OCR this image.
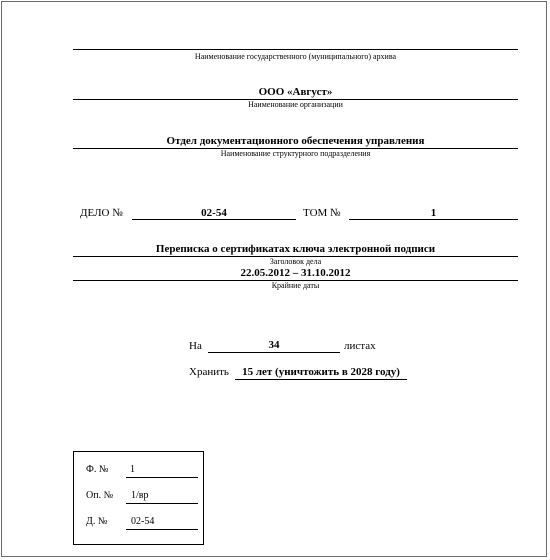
Наименование государственного (муниципального) архива
ООО «Август»
Наименование организации
Отдел документационного обеспечения управления
Наименование структурного подразделения
ДЕЛО №	02-54	ТОМ №	1
Переписка о сертификатах ключа электронной подписи
Заголовок дела
22.05.2012 – 31.10.2012
Крайние даты
На	34	листах
Хранить	15 лет (уничтожить в 2028 году)
Ф. № 1
Оп. № 1/вр
Д. № 02-54
